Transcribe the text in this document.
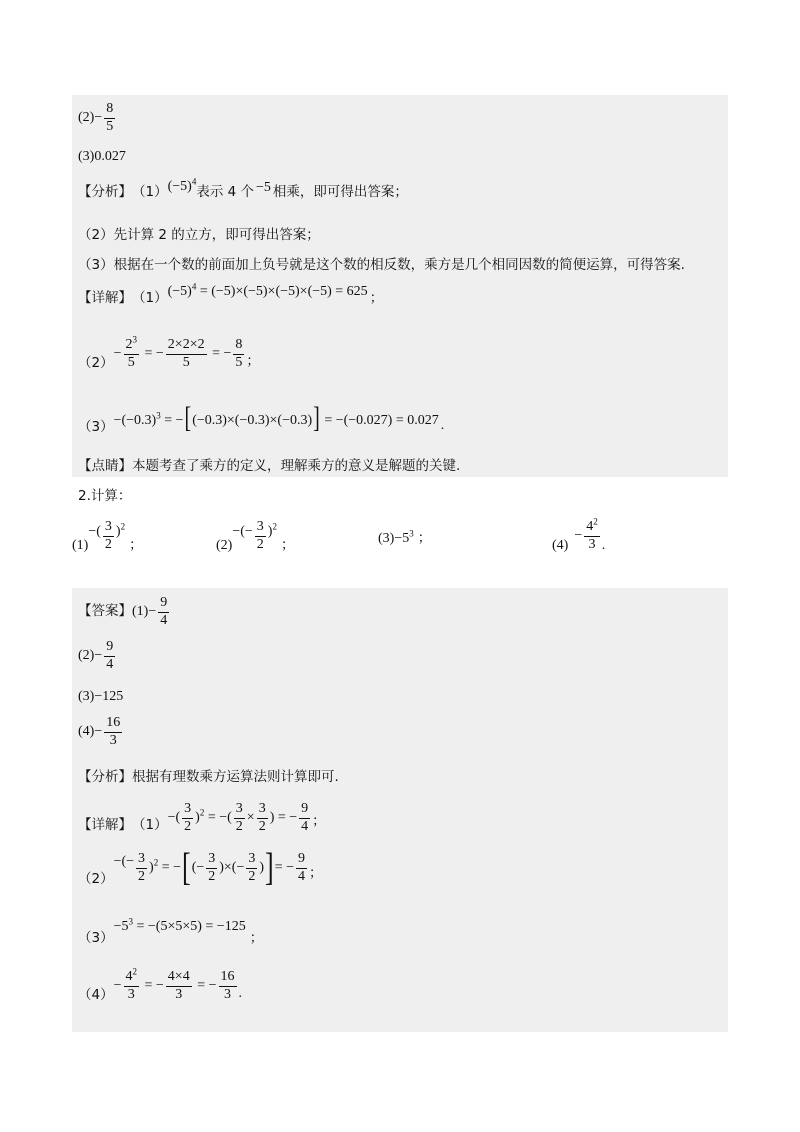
$(2)- \frac{8}{5}$
(3)0.027
【分析】 （1） $(-5)^4$
表示 4 个 −5 相乘，即可得出答案；
（2）先计算 2 的立方，即可得出答案；
（3）根据在一个数的前面加上负号就是这个数的相反数，乘方是几个相同因数的简便运算，可得答案.
【详解】 （1） $(-5)^4 = (-5)\times(-5)\times(-5)\times(-5) = 625$ ；
（2）
− $\frac{2^3}{5}$ = − $\frac{2\times 2\times 2}{5}$ = − $\frac{8}{5}$ ；
$(3) -(-0.3)^3 = -[(-0.3)\times(-0.3)\times(-0.3)] = -(-0.027) = 0.027$ .
【点睛】 本题考查了乘方的定义，理解乘方的意义是解题的关键.
2.计算：
(1)
−( $\frac{3}{2} )^2$
；	(2)
−(− $\frac{3}{2} )^2$
；	$(3) -5^3$ ；	(4)
− $\frac{4^2}{3}$ .
【答案】 $(1)- \frac{9}{4}$
$(2)- \frac{9}{4}$
(3)−125
$(4)- \frac{16}{3}$
【分析】 根据有理数乘方运算法则计算即可.
【详解】 （1） −( $\frac{3}{2} )^2$ = −( $\frac{3}{2} \times \frac{3}{2}$ ) = − $\frac{9}{4}$ ；
（2）
−(− $\frac{3}{2} )^2$ = − [ (− $\frac{3}{2}$ )×(− $\frac{3}{2}$ ) ] = − $\frac{9}{4}$ ；
（3）
$-5^3 = -(5\times 5\times 5) = -125$
；
（4）
− $\frac{4^2}{3}$ = − $\frac{4\times 4}{3}$ = − $\frac{16}{3}$ .
